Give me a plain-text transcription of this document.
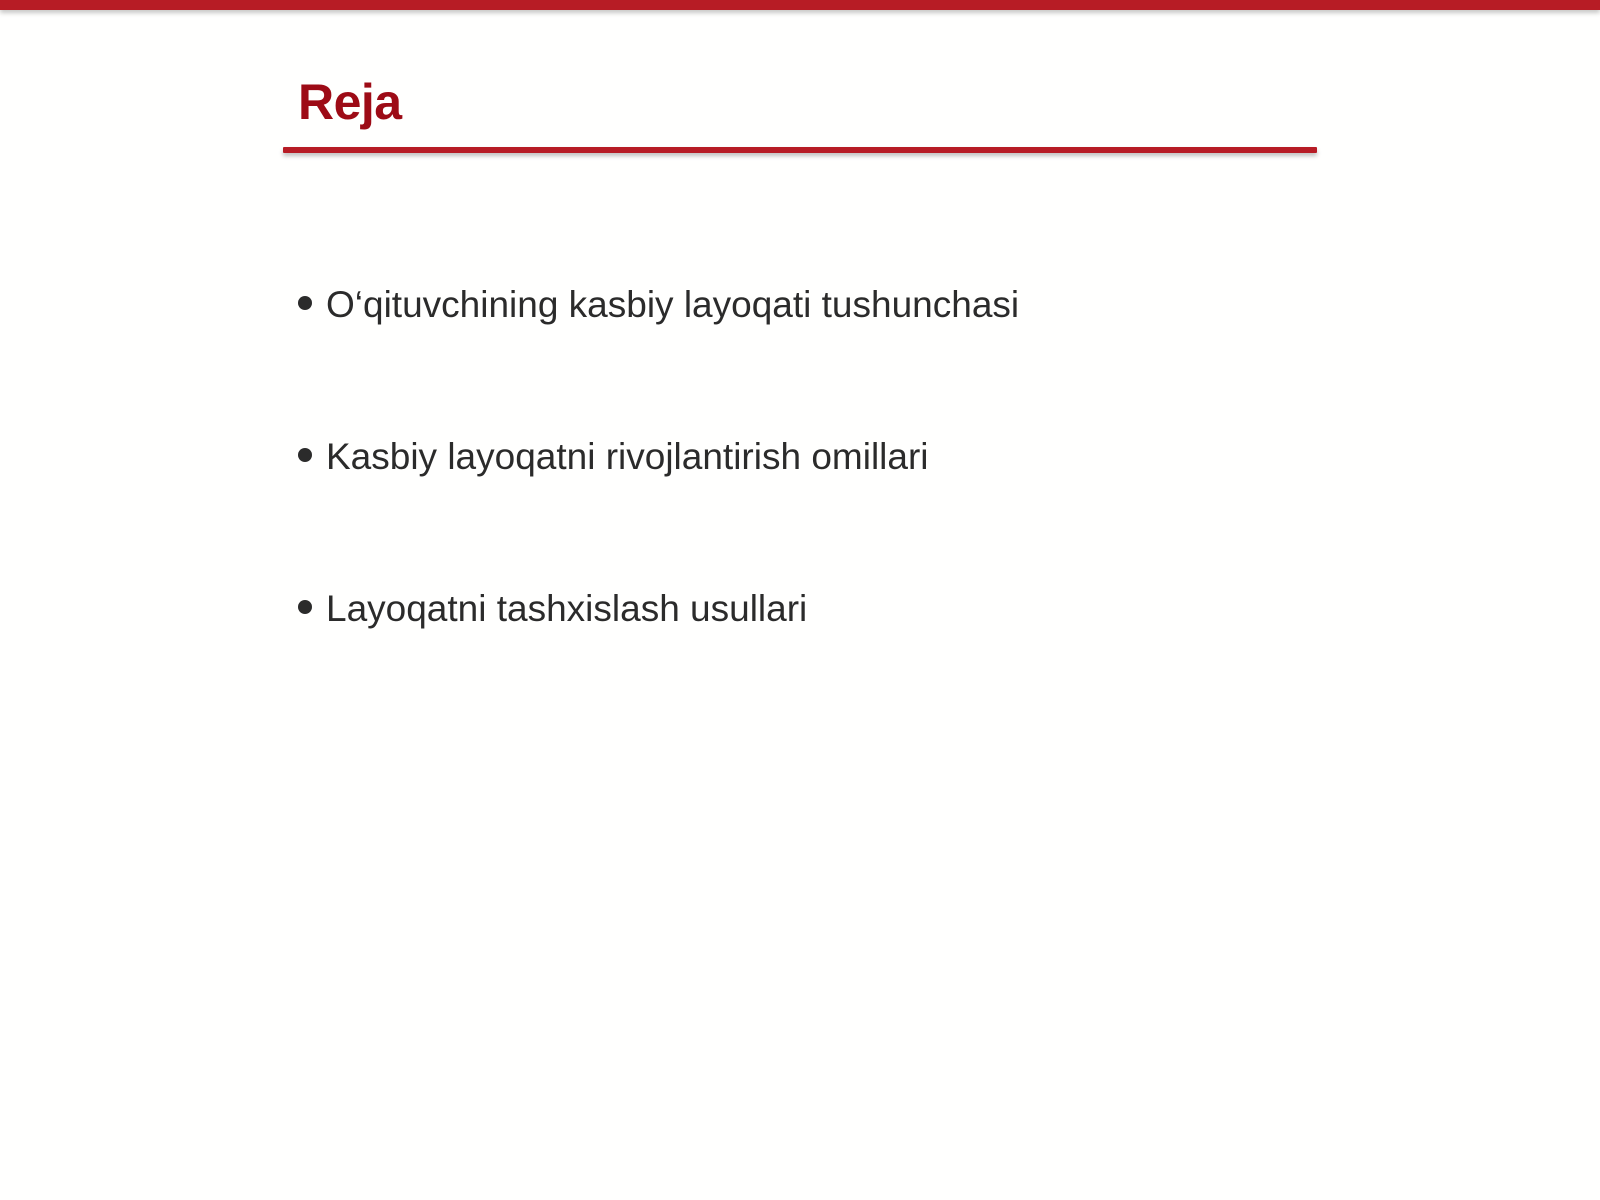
Reja
O‘qituvchining kasbiy layoqati tushunchasi
Kasbiy layoqatni rivojlantirish omillari
Layoqatni tashxislash usullari
